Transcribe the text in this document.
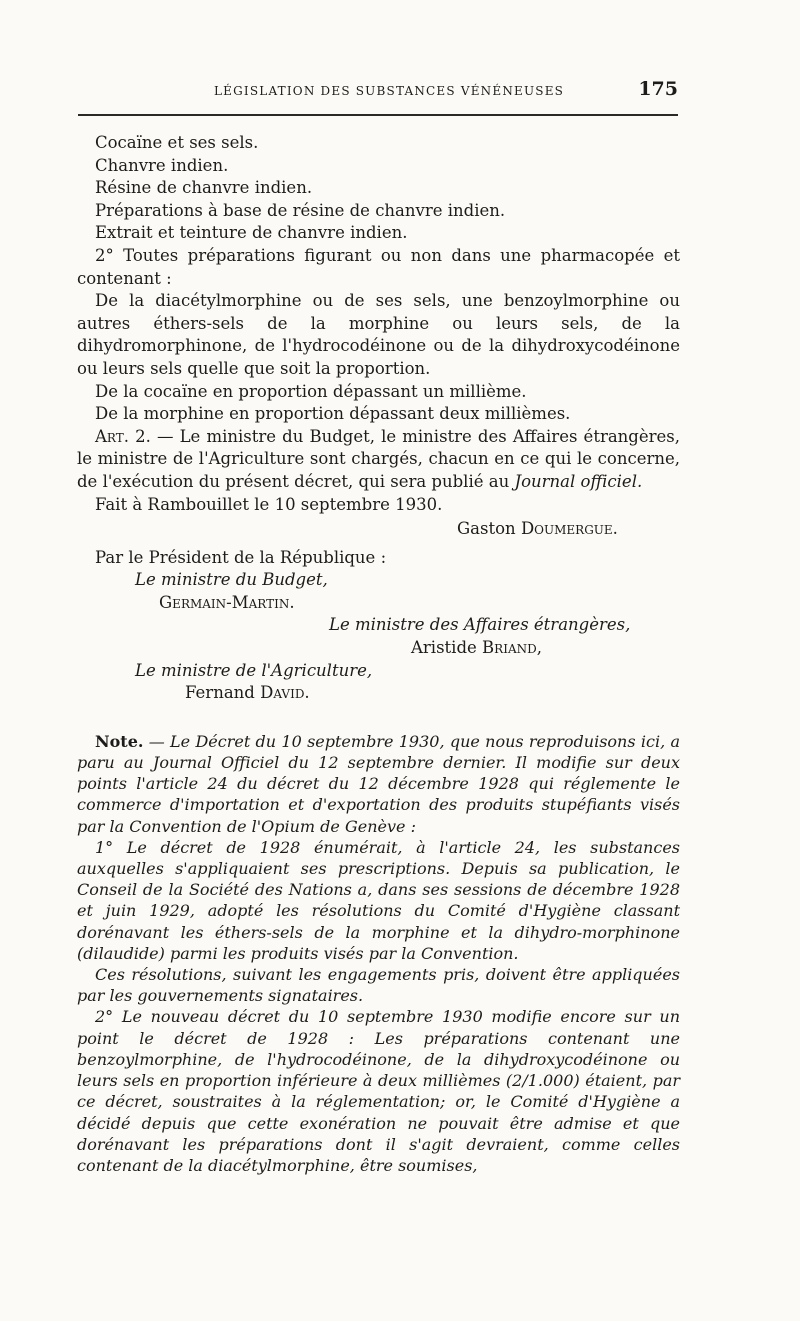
LÉGISLATION DES SUBSTANCES VÉNÉNEUSES	175

Cocaïne et ses sels.

Chanvre indien.

Résine de chanvre indien.

Préparations à base de résine de chanvre indien.

Extrait et teinture de chanvre indien.

2° Toutes préparations figurant ou non dans une pharmacopée et contenant :

De la diacétylmorphine ou de ses sels, une benzoylmorphine ou autres éthers-sels de la morphine ou leurs sels, de la dihydromorphinone, de l'hydrocodéinone ou de la dihydroxycodéinone ou leurs sels quelle que soit la proportion.

De la cocaïne en proportion dépassant un millième.

De la morphine en proportion dépassant deux millièmes.

Art. 2. — Le ministre du Budget, le ministre des Affaires étrangères, le ministre de l'Agriculture sont chargés, chacun en ce qui le concerne, de l'exécution du présent décret, qui sera publié au Journal officiel.

Fait à Rambouillet le 10 septembre 1930.

Gaston Doumergue.

Par le Président de la République :

Le ministre du Budget,

Germain-Martin.

Le ministre des Affaires étrangères,

Aristide Briand,

Le ministre de l'Agriculture,

Fernand David.

Note. — Le Décret du 10 septembre 1930, que nous reproduisons ici, a paru au Journal Officiel du 12 septembre dernier. Il modifie sur deux points l'article 24 du décret du 12 décembre 1928 qui réglemente le commerce d'importation et d'exportation des produits stupéfiants visés par la Convention de l'Opium de Genève :

1° Le décret de 1928 énumérait, à l'article 24, les substances auxquelles s'appliquaient ses prescriptions. Depuis sa publication, le Conseil de la Société des Nations a, dans ses sessions de décembre 1928 et juin 1929, adopté les résolutions du Comité d'Hygiène classant dorénavant les éthers-sels de la morphine et la dihydro-morphinone (dilaudide) parmi les produits visés par la Convention.

Ces résolutions, suivant les engagements pris, doivent être appliquées par les gouvernements signataires.

2° Le nouveau décret du 10 septembre 1930 modifie encore sur un point le décret de 1928 : Les préparations contenant une benzoylmorphine, de l'hydrocodéinone, de la dihydroxycodéinone ou leurs sels en proportion inférieure à deux millièmes (2/1.000) étaient, par ce décret, soustraites à la réglementation; or, le Comité d'Hygiène a décidé depuis que cette exonération ne pouvait être admise et que dorénavant les préparations dont il s'agit devraient, comme celles contenant de la diacétylmorphine, être soumises,
